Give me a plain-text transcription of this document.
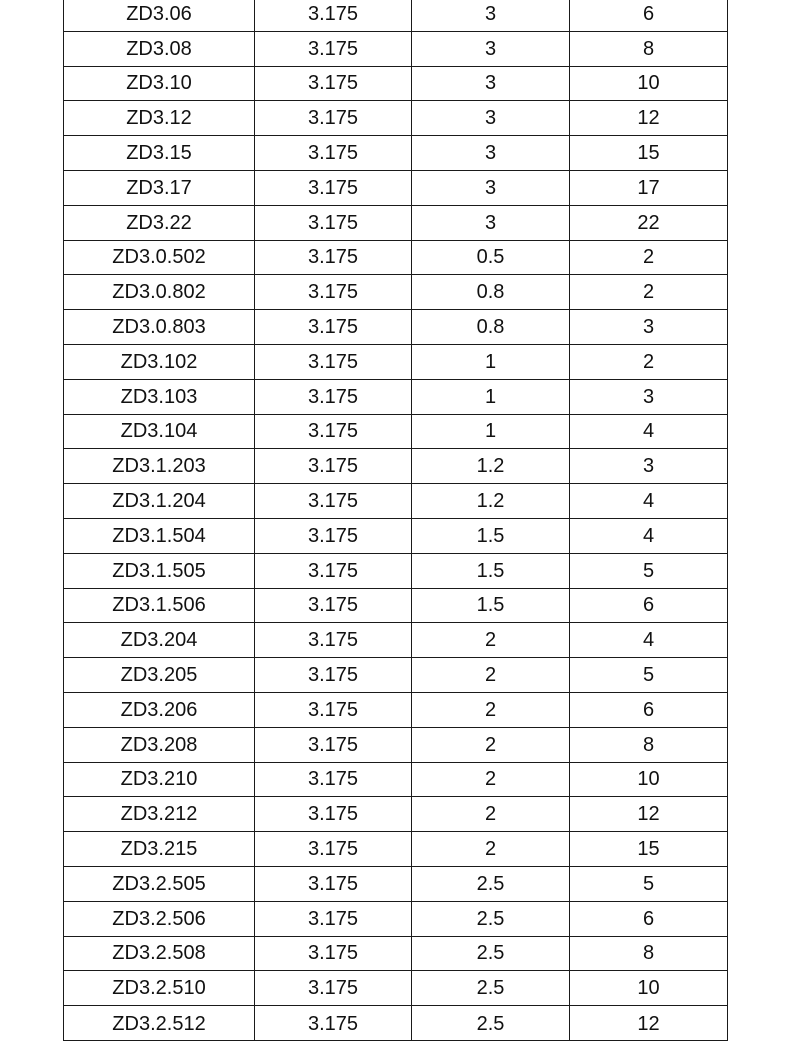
ZD3.06	3.175	3	6
ZD3.08	3.175	3	8
ZD3.10	3.175	3	10
ZD3.12	3.175	3	12
ZD3.15	3.175	3	15
ZD3.17	3.175	3	17
ZD3.22	3.175	3	22
ZD3.0.502	3.175	0.5	2
ZD3.0.802	3.175	0.8	2
ZD3.0.803	3.175	0.8	3
ZD3.102	3.175	1	2
ZD3.103	3.175	1	3
ZD3.104	3.175	1	4
ZD3.1.203	3.175	1.2	3
ZD3.1.204	3.175	1.2	4
ZD3.1.504	3.175	1.5	4
ZD3.1.505	3.175	1.5	5
ZD3.1.506	3.175	1.5	6
ZD3.204	3.175	2	4
ZD3.205	3.175	2	5
ZD3.206	3.175	2	6
ZD3.208	3.175	2	8
ZD3.210	3.175	2	10
ZD3.212	3.175	2	12
ZD3.215	3.175	2	15
ZD3.2.505	3.175	2.5	5
ZD3.2.506	3.175	2.5	6
ZD3.2.508	3.175	2.5	8
ZD3.2.510	3.175	2.5	10
ZD3.2.512	3.175	2.5	12
